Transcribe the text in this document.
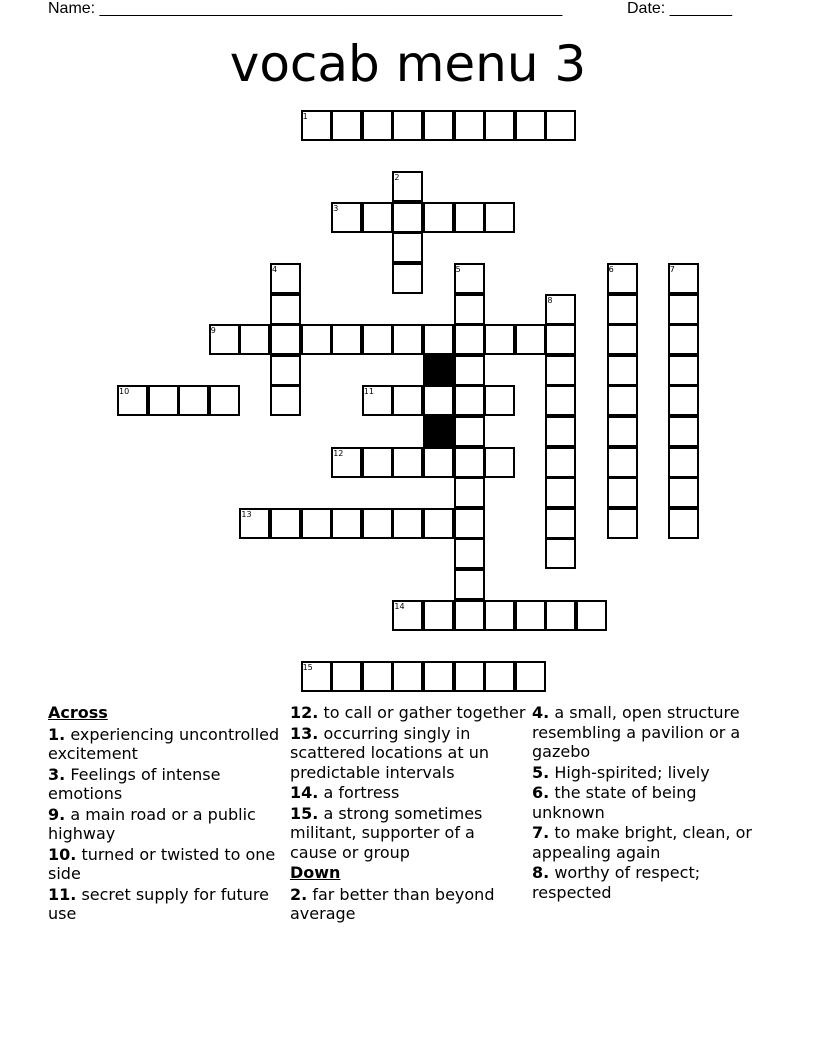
Name: ____________________________________________________	Date: _______
vocab menu 3
1
2
3
4	5	6	7
8
9
10	11
12
13
14
15
Across
1. experiencing uncontrolled excitement
3. Feelings of intense emotions
9. a main road or a public highway
10. turned or twisted to one side
11. secret supply for future use
12. to call or gather together
13. occurring singly in scattered locations at un predictable intervals
14. a fortress
15. a strong sometimes militant, supporter of a cause or group
Down
2. far better than beyond average
4. a small, open structure resembling a pavilion or a gazebo
5. High-spirited; lively
6. the state of being unknown
7. to make bright, clean, or appealing again
8. worthy of respect; respected
